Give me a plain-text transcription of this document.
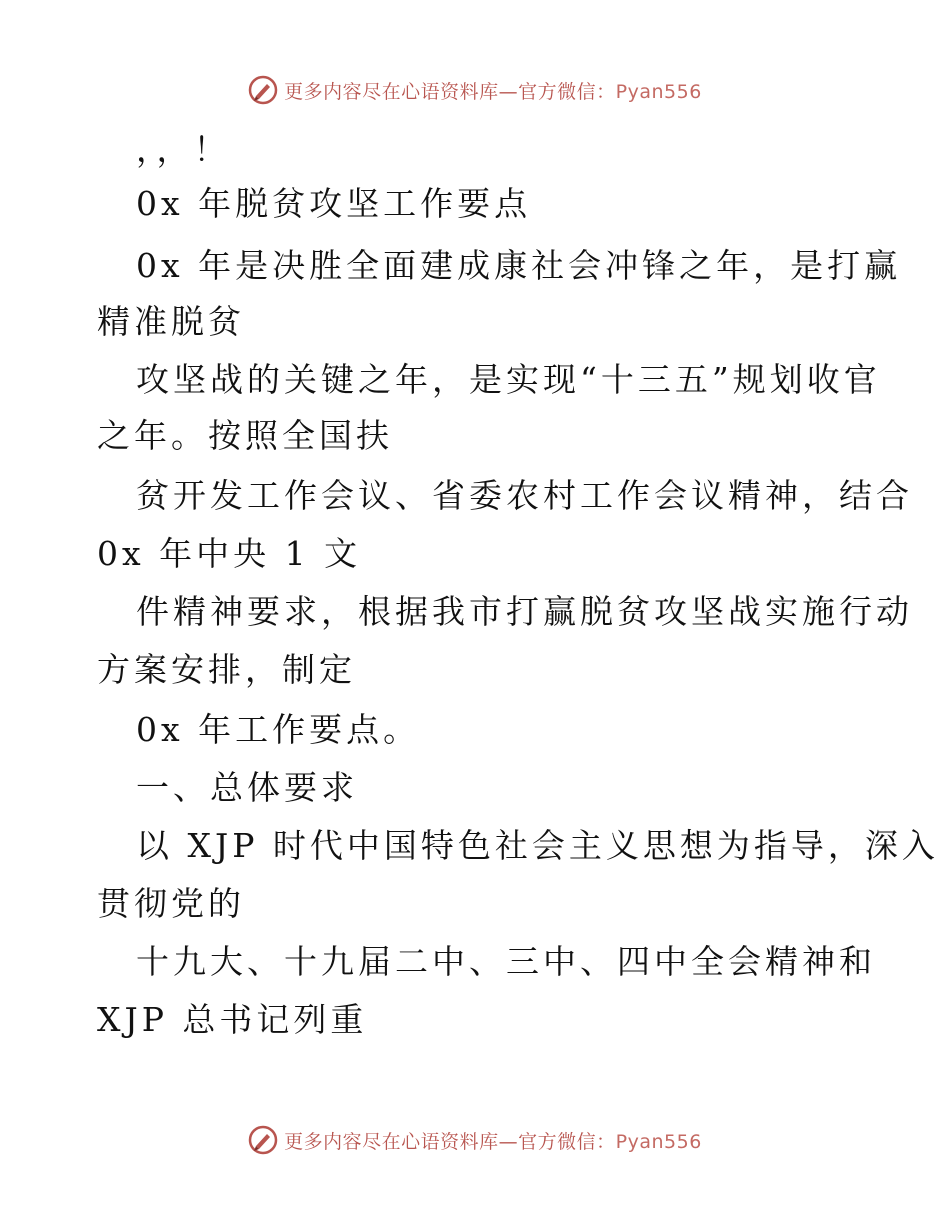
更多内容尽在心语资料库—官方微信：Pyan556
，，！
0x 年脱贫攻坚工作要点
0x 年是决胜全面建成康社会冲锋之年，是打赢
精准脱贫
攻坚战的关键之年，是实现“十三五”规划收官
之年。按照全国扶
贫开发工作会议、省委农村工作会议精神，结合
0x 年中央 1 文
件精神要求，根据我市打赢脱贫攻坚战实施行动
方案安排，制定
0x 年工作要点。
一、总体要求
以 XJP 时代中国特色社会主义思想为指导，深入
贯彻党的
十九大、十九届二中、三中、四中全会精神和
XJP 总书记列重
更多内容尽在心语资料库—官方微信：Pyan556
